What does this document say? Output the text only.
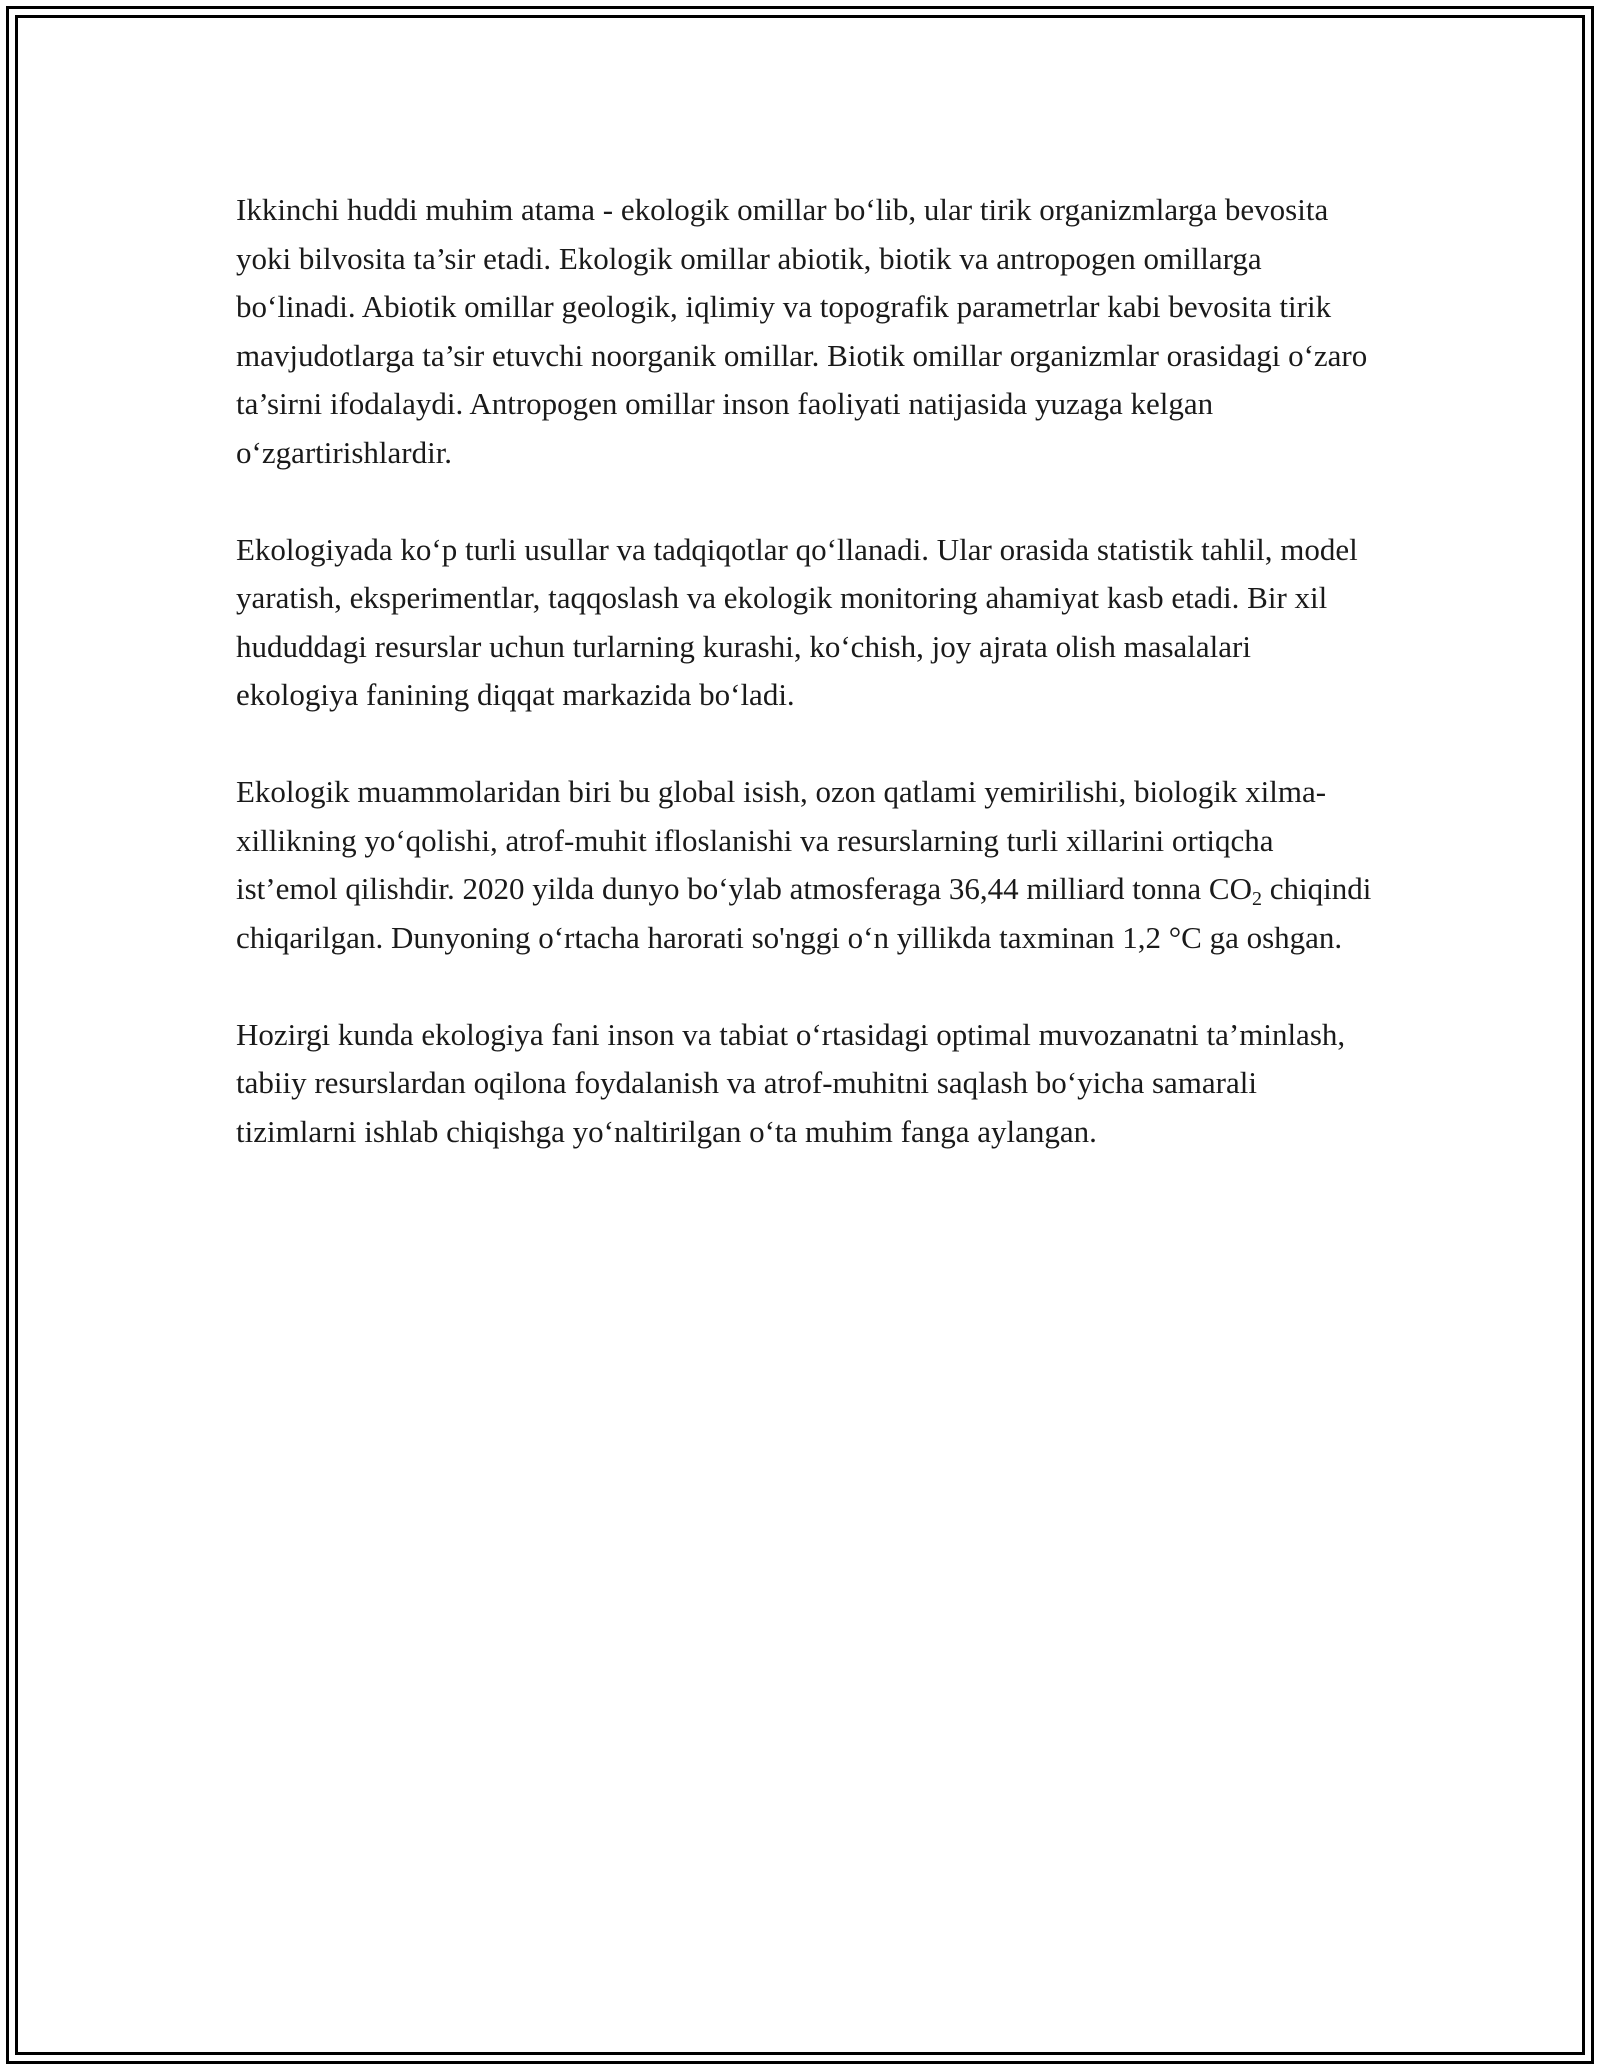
Ikkinchi huddi muhim atama - ekologik omillar bo‘lib, ular tirik organizmlarga bevosita yoki bilvosita ta’sir etadi. Ekologik omillar abiotik, biotik va antropogen omillarga bo‘linadi. Abiotik omillar geologik, iqlimiy va topografik parametrlar kabi bevosita tirik mavjudotlarga ta’sir etuvchi noorganik omillar. Biotik omillar organizmlar orasidagi o‘zaro ta’sirni ifodalaydi. Antropogen omillar inson faoliyati natijasida yuzaga kelgan o‘zgartirishlardir.

Ekologiyada ko‘p turli usullar va tadqiqotlar qo‘llanadi. Ular orasida statistik tahlil, model yaratish, eksperimentlar, taqqoslash va ekologik monitoring ahamiyat kasb etadi. Bir xil hududdagi resurslar uchun turlarning kurashi, ko‘chish, joy ajrata olish masalalari ekologiya fanining diqqat markazida bo‘ladi.

Ekologik muammolaridan biri bu global isish, ozon qatlami yemirilishi, biologik xilma-xillikning yo‘qolishi, atrof-muhit ifloslanishi va resurslarning turli xillarini ortiqcha ist’emol qilishdir. 2020 yilda dunyo bo‘ylab atmosferaga 36,44 milliard tonna $CO_2$ chiqindi chiqarilgan. Dunyoning o‘rtacha harorati so'nggi o‘n yillikda taxminan 1,2 °C ga oshgan.

Hozirgi kunda ekologiya fani inson va tabiat o‘rtasidagi optimal muvozanatni ta’minlash, tabiiy resurslardan oqilona foydalanish va atrof-muhitni saqlash bo‘yicha samarali tizimlarni ishlab chiqishga yo‘naltirilgan o‘ta muhim fanga aylangan.
